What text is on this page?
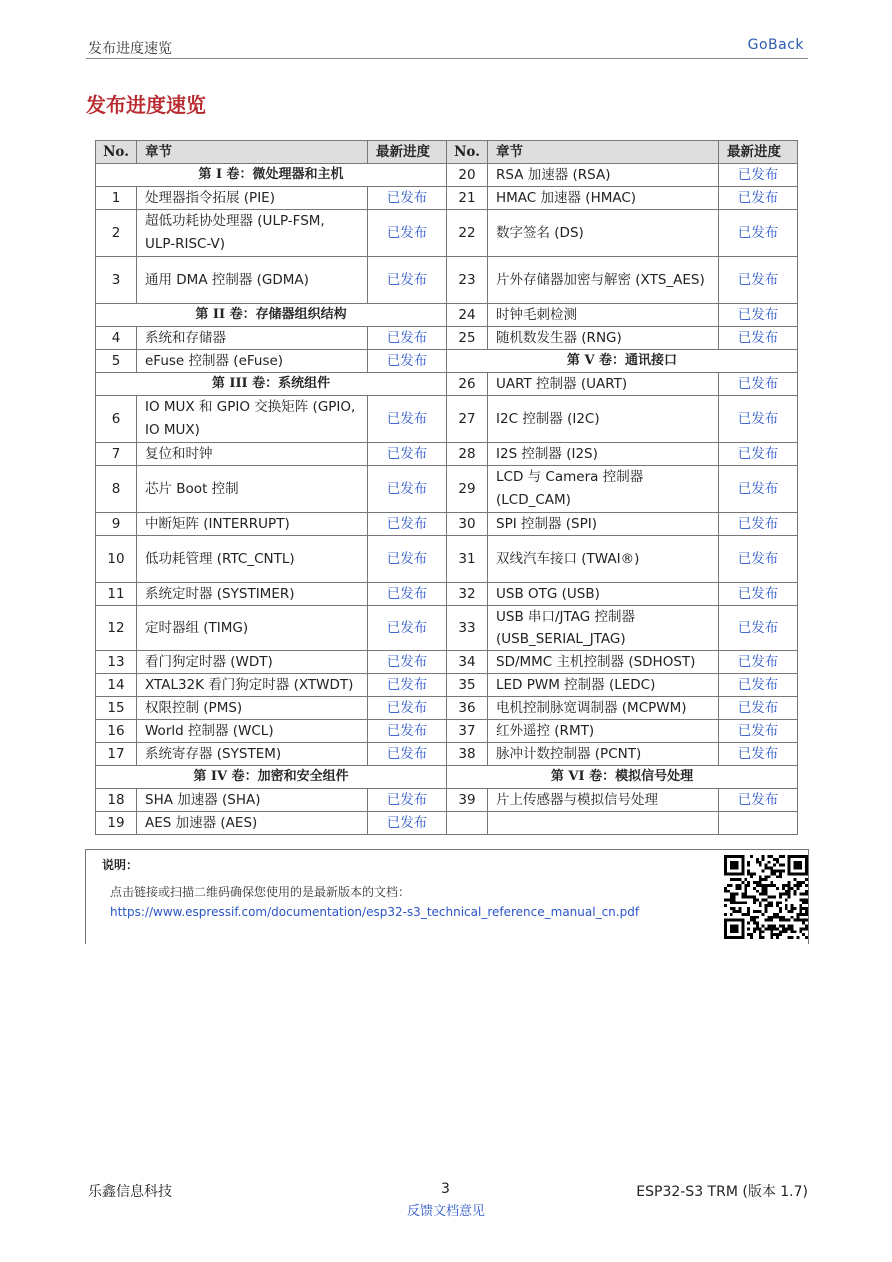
发布进度速览	GoBack
发布进度速览
No.	章节	最新进度	No.	章节	最新进度
第 I 卷：微处理器和主机			20	RSA 加速器 (RSA)	已发布
1	处理器指令拓展 (PIE)	已发布	21	HMAC 加速器 (HMAC)	已发布
2	超低功耗协处理器 (ULP-FSM, ULP-RISC-V)	已发布	22	数字签名 (DS)	已发布
3	通用 DMA 控制器 (GDMA)	已发布	23	片外存储器加密与解密 (XTS_AES)	已发布
第 II 卷：存储器组织结构			24	时钟毛刺检测	已发布
4	系统和存储器	已发布	25	随机数发生器 (RNG)	已发布
5	eFuse 控制器 (eFuse)	已发布	第 V 卷：通讯接口		
第 III 卷：系统组件			26	UART 控制器 (UART)	已发布
6	IO MUX 和 GPIO 交换矩阵 (GPIO, IO MUX)	已发布	27	I2C 控制器 (I2C)	已发布
7	复位和时钟	已发布	28	I2S 控制器 (I2S)	已发布
8	芯片 Boot 控制	已发布	29	LCD 与 Camera 控制器 (LCD_CAM)	已发布
9	中断矩阵 (INTERRUPT)	已发布	30	SPI 控制器 (SPI)	已发布
10	低功耗管理 (RTC_CNTL)	已发布	31	双线汽车接口 (TWAI®)	已发布
11	系统定时器 (SYSTIMER)	已发布	32	USB OTG (USB)	已发布
12	定时器组 (TIMG)	已发布	33	USB 串口/JTAG 控制器 (USB_SERIAL_JTAG)	已发布
13	看门狗定时器 (WDT)	已发布	34	SD/MMC 主机控制器 (SDHOST)	已发布
14	XTAL32K 看门狗定时器 (XTWDT)	已发布	35	LED PWM 控制器 (LEDC)	已发布
15	权限控制 (PMS)	已发布	36	电机控制脉宽调制器 (MCPWM)	已发布
16	World 控制器 (WCL)	已发布	37	红外遥控 (RMT)	已发布
17	系统寄存器 (SYSTEM)	已发布	38	脉冲计数控制器 (PCNT)	已发布
第 IV 卷：加密和安全组件			第 VI 卷：模拟信号处理		
18	SHA 加速器 (SHA)	已发布	39	片上传感器与模拟信号处理	已发布
19	AES 加速器 (AES)	已发布			
说明：
点击链接或扫描二维码确保您使用的是最新版本的文档：
https://www.espressif.com/documentation/esp32-s3_technical_reference_manual_cn.pdf
乐鑫信息科技	3	ESP32-S3 TRM (版本 1.7)
反馈文档意见
